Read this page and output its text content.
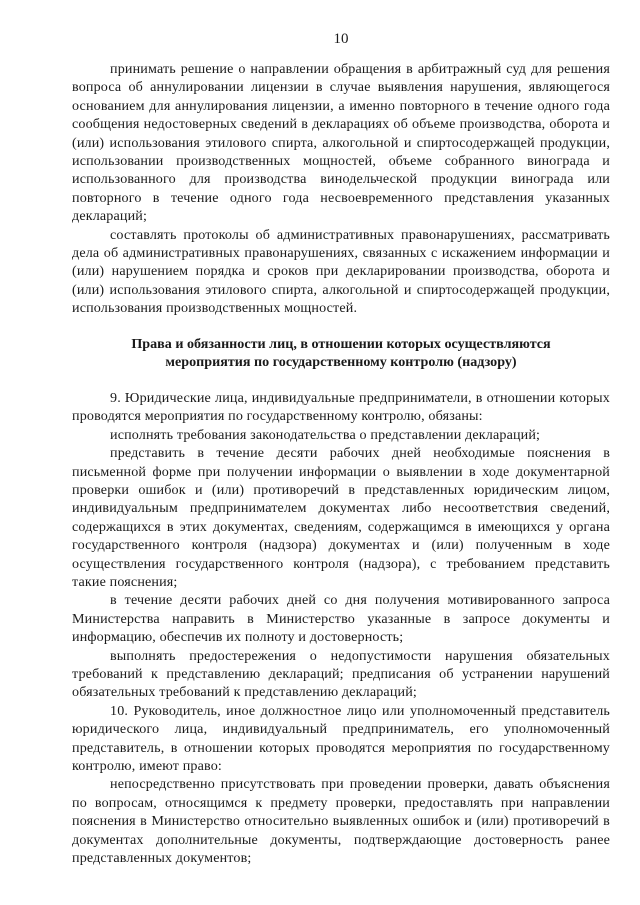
10

принимать решение о направлении обращения в арбитражный суд для решения вопроса об аннулировании лицензии в случае выявления нарушения, являющегося основанием для аннулирования лицензии, а именно повторного в течение одного года сообщения недостоверных сведений в декларациях об объеме производства, оборота и (или) использования этилового спирта, алкогольной и спиртосодержащей продукции, использовании производственных мощностей, объеме собранного винограда и использованного для производства винодельческой продукции винограда или повторного в течение одного года несвоевременного представления указанных деклараций;

составлять протоколы об административных правонарушениях, рассматривать дела об административных правонарушениях, связанных с искажением информации и (или) нарушением порядка и сроков при декларировании производства, оборота и (или) использования этилового спирта, алкогольной и спиртосодержащей продукции, использования производственных мощностей.

Права и обязанности лиц, в отношении которых осуществляются
мероприятия по государственному контролю (надзору)

9. Юридические лица, индивидуальные предприниматели, в отношении которых проводятся мероприятия по государственному контролю, обязаны:

исполнять требования законодательства о представлении деклараций;

представить в течение десяти рабочих дней необходимые пояснения в письменной форме при получении информации о выявлении в ходе документарной проверки ошибок и (или) противоречий в представленных юридическим лицом, индивидуальным предпринимателем документах либо несоответствия сведений, содержащихся в этих документах, сведениям, содержащимся в имеющихся у органа государственного контроля (надзора) документах и (или) полученным в ходе осуществления государственного контроля (надзора), с требованием представить такие пояснения;

в течение десяти рабочих дней со дня получения мотивированного запроса Министерства направить в Министерство указанные в запросе документы и информацию, обеспечив их полноту и достоверность;

выполнять предостережения о недопустимости нарушения обязательных требований к представлению деклараций; предписания об устранении нарушений обязательных требований к представлению деклараций;

10. Руководитель, иное должностное лицо или уполномоченный представитель юридического лица, индивидуальный предприниматель, его уполномоченный представитель, в отношении которых проводятся мероприятия по государственному контролю, имеют право:

непосредственно присутствовать при проведении проверки, давать объяснения по вопросам, относящимся к предмету проверки, предоставлять при направлении пояснения в Министерство относительно выявленных ошибок и (или) противоречий в документах дополнительные документы, подтверждающие достоверность ранее представленных документов;
